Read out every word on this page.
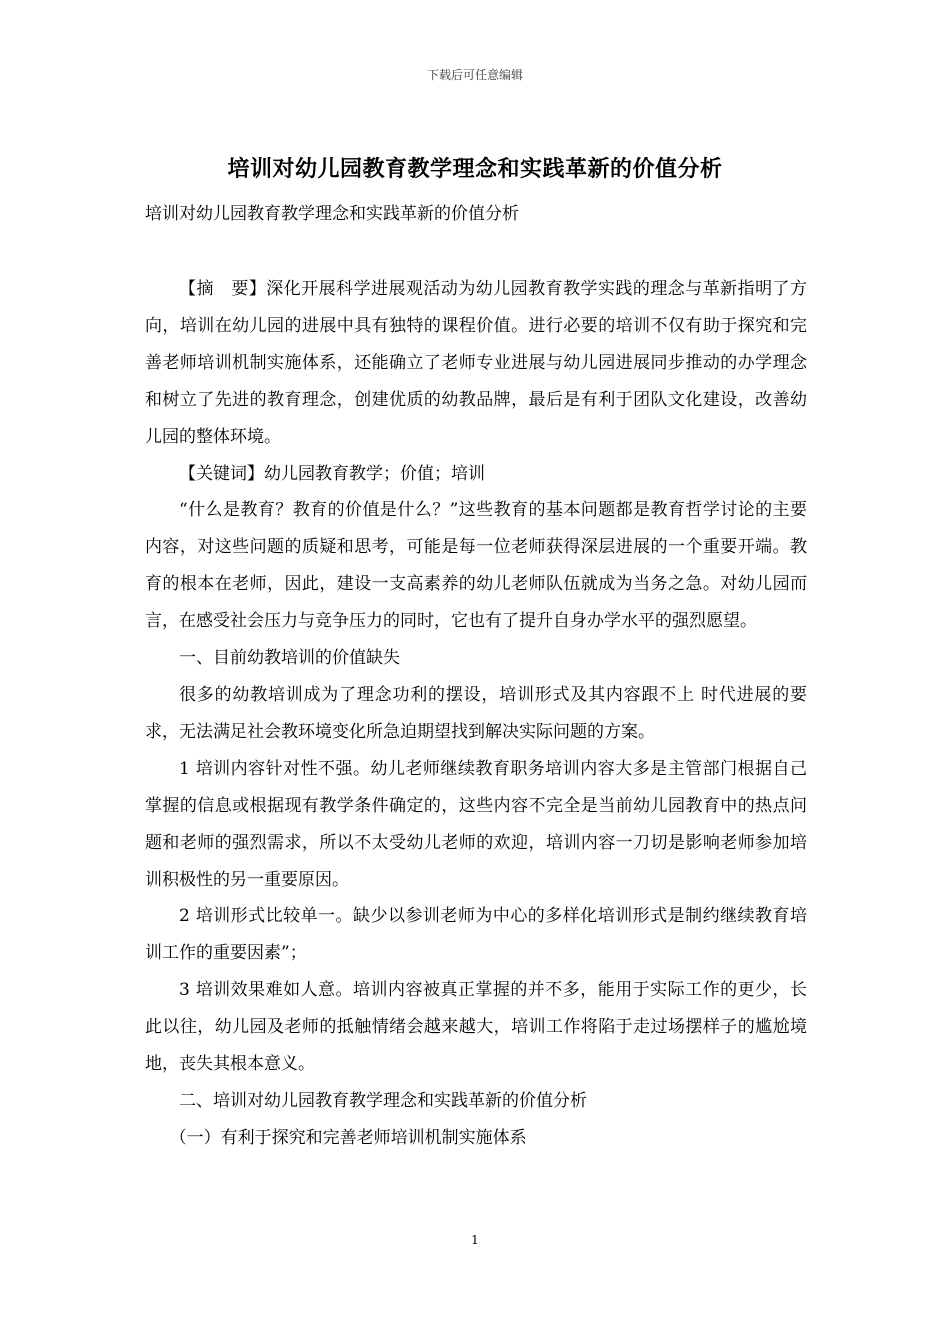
下载后可任意编辑
培训对幼儿园教育教学理念和实践革新的价值分析
培训对幼儿园教育教学理念和实践革新的价值分析

【摘　要】深化开展科学进展观活动为幼儿园教育教学实践的理念与革新指明了方向，培训在幼儿园的进展中具有独特的课程价值。进行必要的培训不仅有助于探究和完善老师培训机制实施体系，还能确立了老师专业进展与幼儿园进展同步推动的办学理念和树立了先进的教育理念，创建优质的幼教品牌，最后是有利于团队文化建设，改善幼儿园的整体环境。

【关键词】幼儿园教育教学；价值；培训

“什么是教育？教育的价值是什么？”这些教育的基本问题都是教育哲学讨论的主要内容，对这些问题的质疑和思考，可能是每一位老师获得深层进展的一个重要开端。教育的根本在老师，因此，建设一支高素养的幼儿老师队伍就成为当务之急。对幼儿园而言，在感受社会压力与竞争压力的同时，它也有了提升自身办学水平的强烈愿望。

一、目前幼教培训的价值缺失

很多的幼教培训成为了理念功利的摆设，培训形式及其内容跟不上 时代进展的要求，无法满足社会教环境变化所急迫期望找到解决实际问题的方案。

1 培训内容针对性不强。幼儿老师继续教育职务培训内容大多是主管部门根据自己掌握的信息或根据现有教学条件确定的，这些内容不完全是当前幼儿园教育中的热点问题和老师的强烈需求，所以不太受幼儿老师的欢迎，培训内容一刀切是影响老师参加培训积极性的另一重要原因。

2 培训形式比较单一。缺少以参训老师为中心的多样化培训形式是制约继续教育培训工作的重要因素”；

3 培训效果难如人意。培训内容被真正掌握的并不多，能用于实际工作的更少，长此以往，幼儿园及老师的抵触情绪会越来越大，培训工作将陷于走过场摆样子的尴尬境地，丧失其根本意义。

二、培训对幼儿园教育教学理念和实践革新的价值分析

（一）有利于探究和完善老师培训机制实施体系

1
